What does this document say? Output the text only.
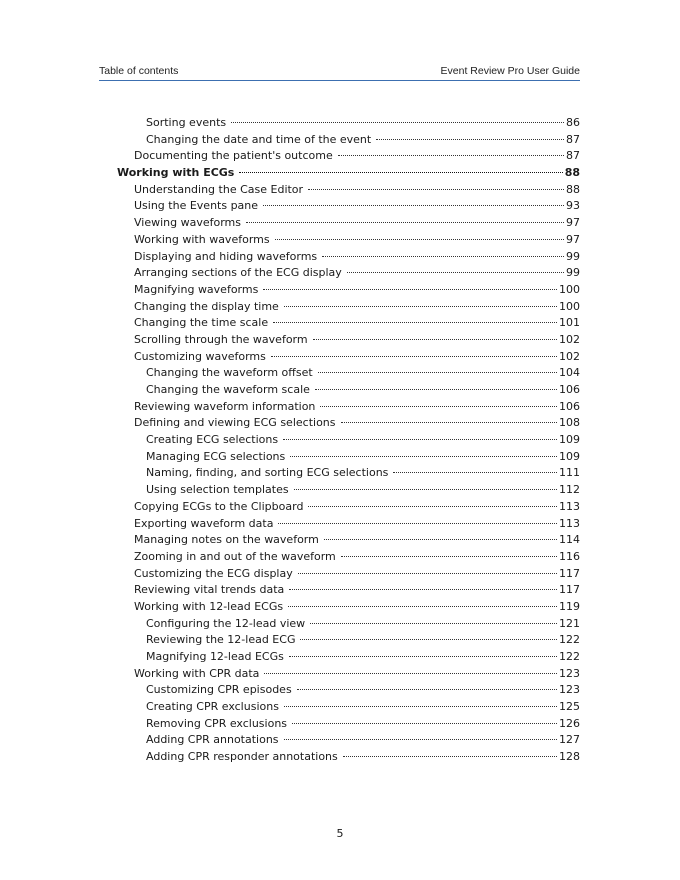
Table of contents	Event Review Pro User Guide
Sorting events	86
Changing the date and time of the event	87
Documenting the patient's outcome	87
Working with ECGs	88
Understanding the Case Editor	88
Using the Events pane	93
Viewing waveforms	97
Working with waveforms	97
Displaying and hiding waveforms	99
Arranging sections of the ECG display	99
Magnifying waveforms	100
Changing the display time	100
Changing the time scale	101
Scrolling through the waveform	102
Customizing waveforms	102
Changing the waveform offset	104
Changing the waveform scale	106
Reviewing waveform information	106
Defining and viewing ECG selections	108
Creating ECG selections	109
Managing ECG selections	109
Naming, finding, and sorting ECG selections	111
Using selection templates	112
Copying ECGs to the Clipboard	113
Exporting waveform data	113
Managing notes on the waveform	114
Zooming in and out of the waveform	116
Customizing the ECG display	117
Reviewing vital trends data	117
Working with 12-lead ECGs	119
Configuring the 12-lead view	121
Reviewing the 12-lead ECG	122
Magnifying 12-lead ECGs	122
Working with CPR data	123
Customizing CPR episodes	123
Creating CPR exclusions	125
Removing CPR exclusions	126
Adding CPR annotations	127
Adding CPR responder annotations	128
5
